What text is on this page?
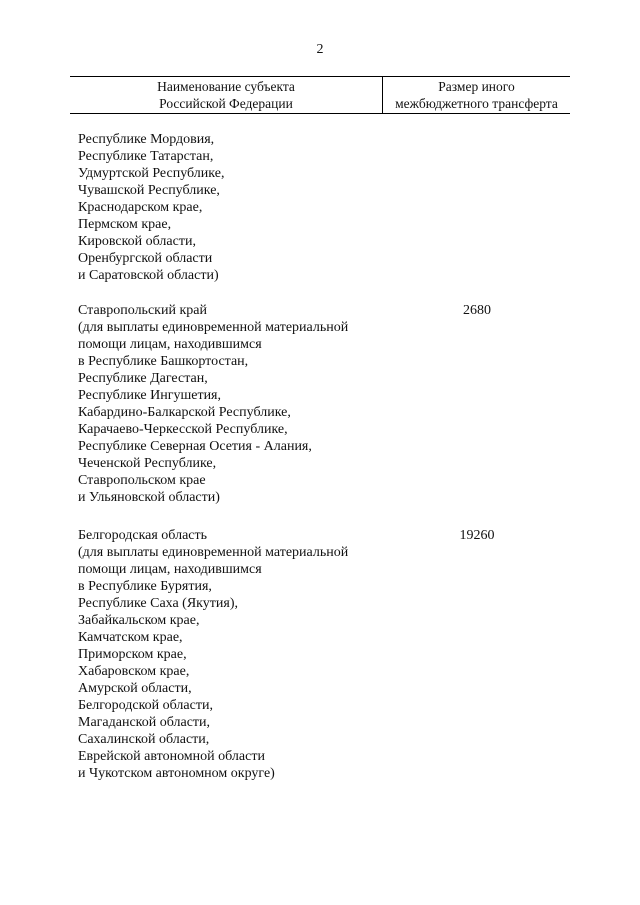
2
Наименование субъекта
Российской Федерации
Размер иного
межбюджетного трансферта
Республике Мордовия,
Республике Татарстан,
Удмуртской Республике,
Чувашской Республике,
Краснодарском крае,
Пермском крае,
Кировской области,
Оренбургской области
и Саратовской области)
Ставропольский край
(для выплаты единовременной материальной
помощи лицам, находившимся
в Республике Башкортостан,
Республике Дагестан,
Республике Ингушетия,
Кабардино-Балкарской Республике,
Карачаево-Черкесской Республике,
Республике Северная Осетия - Алания,
Чеченской Республике,
Ставропольском крае
и Ульяновской области)
2680
Белгородская область
(для выплаты единовременной материальной
помощи лицам, находившимся
в Республике Бурятия,
Республике Саха (Якутия),
Забайкальском крае,
Камчатском крае,
Приморском крае,
Хабаровском крае,
Амурской области,
Белгородской области,
Магаданской области,
Сахалинской области,
Еврейской автономной области
и Чукотском автономном округе)
19260
